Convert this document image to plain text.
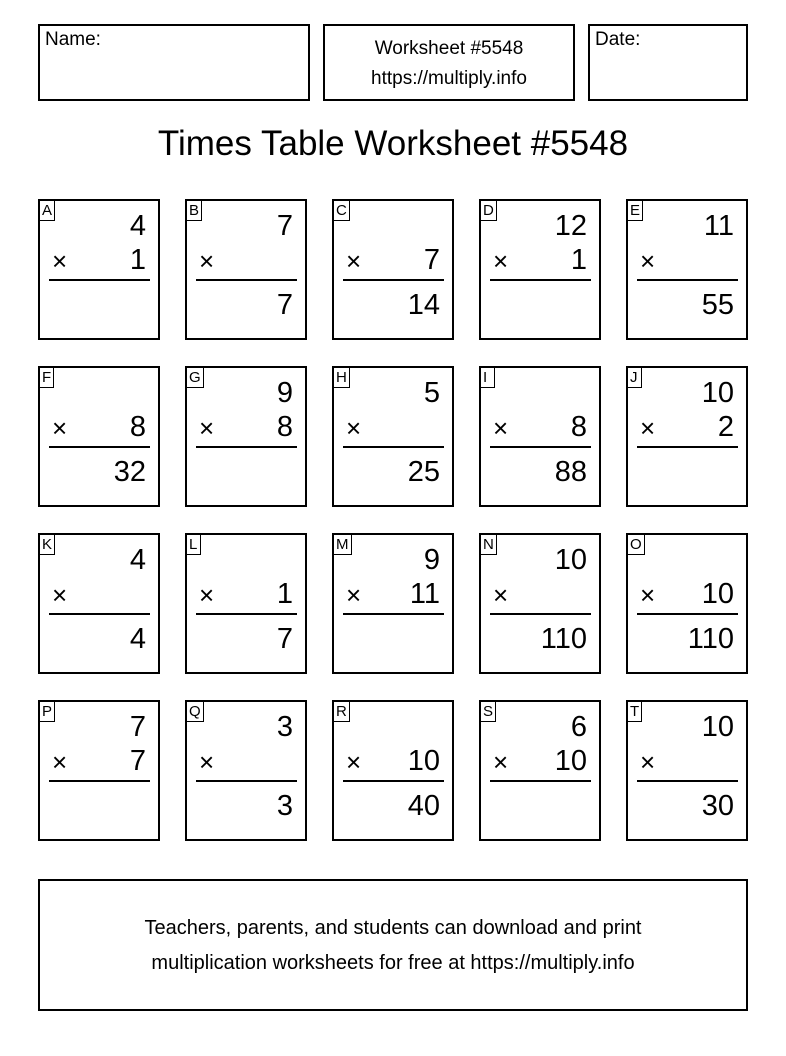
Name:	Worksheet #5548
https://multiply.info
Date:
Times Table Worksheet #5548
A	4
× 1
B	7
×
7
C
× 7
14
D 12
× 1
E 11
×
55
F
× 8
32
G	9
× 8
H	5
×
25
I
× 8
88
J 10
× 2
K	4
×
4
L
× 1
7
M	9
× 11
N 10
×
110
O
× 10
110
P	7
× 7
Q	3
×
3
R
× 10
40
S	6
× 10
T 10
×
30
Teachers, parents, and students can download and print
multiplication worksheets for free at https://multiply.info
